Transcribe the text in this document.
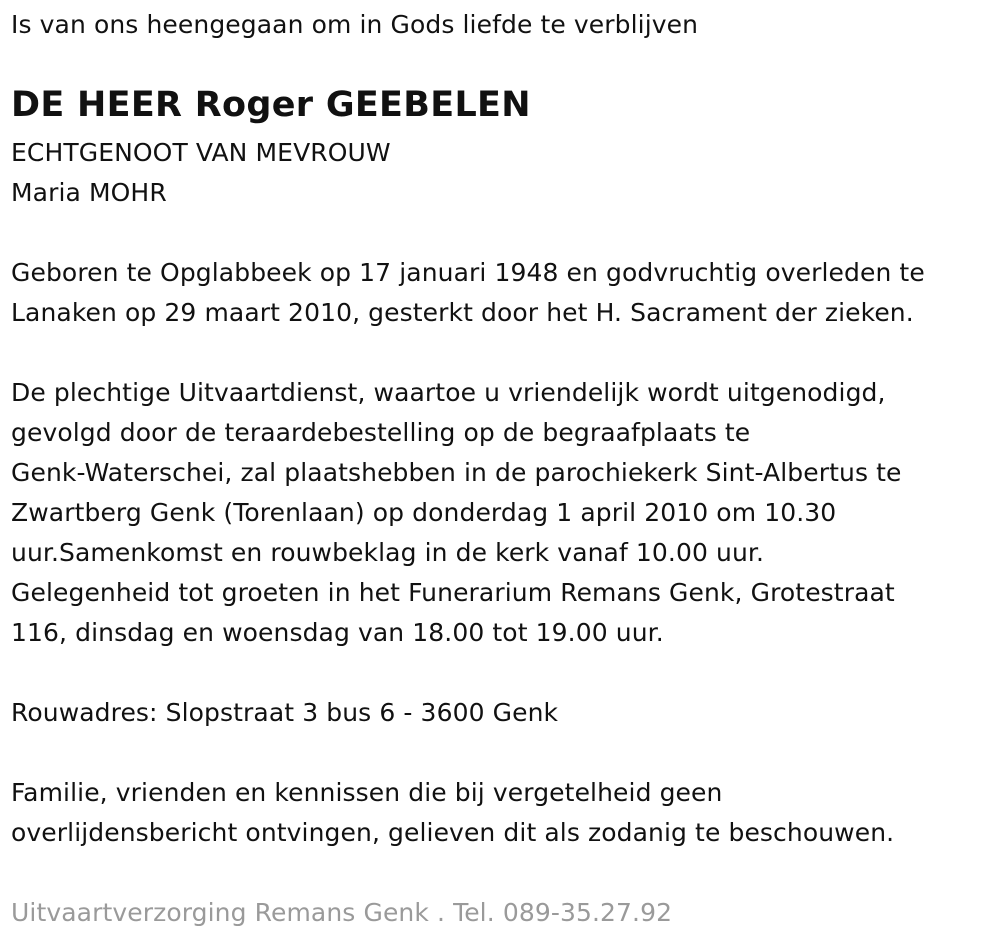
Is van ons heengegaan om in Gods liefde te verblijven
DE HEER Roger GEEBELEN
ECHTGENOOT VAN MEVROUW
Maria MOHR
Geboren te Opglabbeek op 17 januari 1948 en godvruchtig overleden te
Lanaken op 29 maart 2010, gesterkt door het H. Sacrament der zieken.
De plechtige Uitvaartdienst, waartoe u vriendelijk wordt uitgenodigd,
gevolgd door de teraardebestelling op de begraafplaats te
Genk-Waterschei, zal plaatshebben in de parochiekerk Sint-Albertus te
Zwartberg Genk (Torenlaan) op donderdag 1 april 2010 om 10.30
uur.Samenkomst en rouwbeklag in de kerk vanaf 10.00 uur.
Gelegenheid tot groeten in het Funerarium Remans Genk, Grotestraat
116, dinsdag en woensdag van 18.00 tot 19.00 uur.
Rouwadres: Slopstraat 3 bus 6 - 3600 Genk
Familie, vrienden en kennissen die bij vergetelheid geen
overlijdensbericht ontvingen, gelieven dit als zodanig te beschouwen.
Uitvaartverzorging Remans Genk . Tel. 089-35.27.92
